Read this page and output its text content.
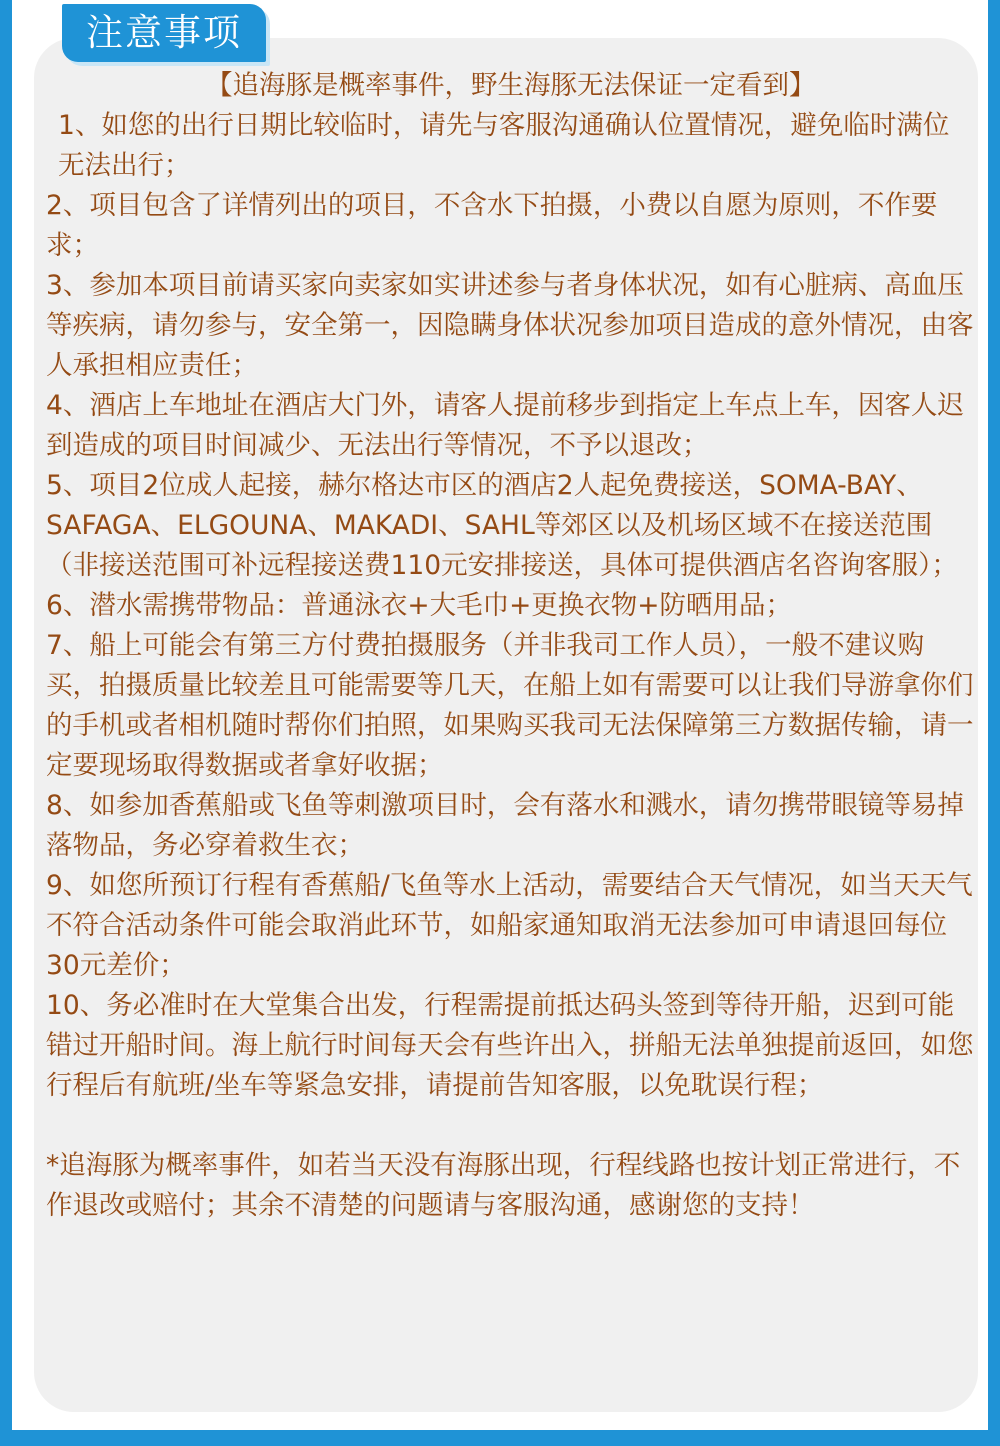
注意事项
【追海豚是概率事件，野生海豚无法保证一定看到】

1、如您的出行日期比较临时，请先与客服沟通确认位置情况，避免临时满位无法出行；

2、项目包含了详情列出的项目，不含水下拍摄，小费以自愿为原则，不作要求；

3、参加本项目前请买家向卖家如实讲述参与者身体状况，如有心脏病、高血压等疾病，请勿参与，安全第一，因隐瞒身体状况参加项目造成的意外情况，由客人承担相应责任；

4、酒店上车地址在酒店大门外，请客人提前移步到指定上车点上车，因客人迟到造成的项目时间减少、无法出行等情况，不予以退改；

5、项目2位成人起接，赫尔格达市区的酒店2人起免费接送，SOMA-BAY、SAFAGA、ELGOUNA、MAKADI、SAHL等郊区以及机场区域不在接送范围（非接送范围可补远程接送费110元安排接送，具体可提供酒店名咨询客服）；

6、潜水需携带物品：普通泳衣+大毛巾+更换衣物+防晒用品；

7、船上可能会有第三方付费拍摄服务（并非我司工作人员），一般不建议购买，拍摄质量比较差且可能需要等几天，在船上如有需要可以让我们导游拿你们的手机或者相机随时帮你们拍照，如果购买我司无法保障第三方数据传输，请一定要现场取得数据或者拿好收据；

8、如参加香蕉船或飞鱼等刺激项目时，会有落水和溅水，请勿携带眼镜等易掉落物品，务必穿着救生衣；

9、如您所预订行程有香蕉船/飞鱼等水上活动，需要结合天气情况，如当天天气不符合活动条件可能会取消此环节，如船家通知取消无法参加可申请退回每位30元差价；

10、务必准时在大堂集合出发，行程需提前抵达码头签到等待开船，迟到可能错过开船时间。海上航行时间每天会有些许出入，拼船无法单独提前返回，如您行程后有航班/坐车等紧急安排，请提前告知客服，以免耽误行程；

*追海豚为概率事件，如若当天没有海豚出现，行程线路也按计划正常进行，不作退改或赔付；其余不清楚的问题请与客服沟通，感谢您的支持！
